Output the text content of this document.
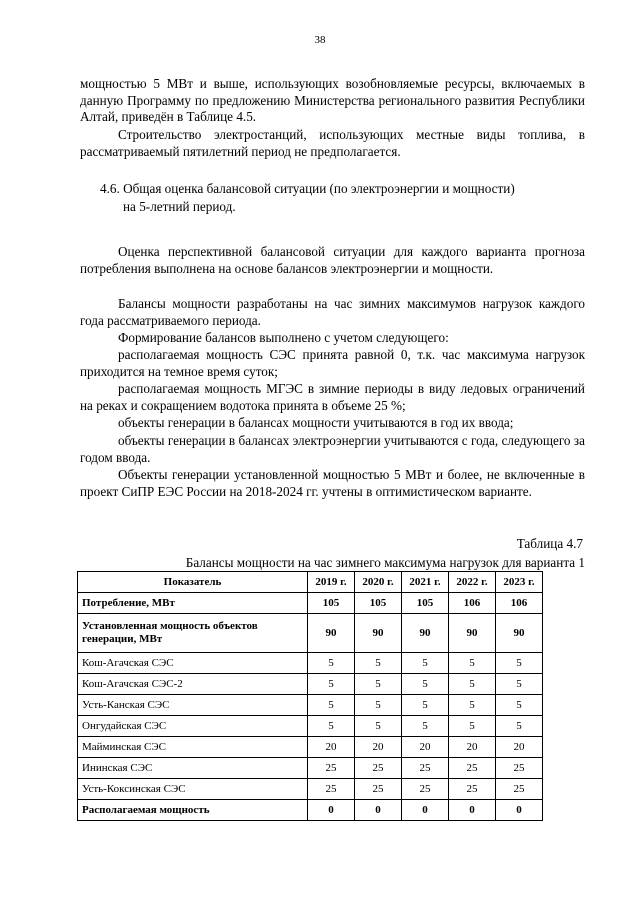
38
мощностью 5 МВт и выше, использующих возобновляемые ресурсы, включаемых в данную Программу по предложению Министерства регионального развития Республики Алтай, приведён в Таблице 4.5.
Строительство электростанций, использующих местные виды топлива, в рассматриваемый пятилетний период не предполагается.
4.6. Общая оценка балансовой ситуации (по электроэнергии и мощности)
на 5-летний период.
Оценка перспективной балансовой ситуации для каждого варианта прогноза потребления выполнена на основе балансов электроэнергии и мощности.
Балансы мощности разработаны на час зимних максимумов нагрузок каждого года рассматриваемого периода.
Формирование балансов выполнено с учетом следующего:
располагаемая мощность СЭС принята равной 0, т.к. час максимума нагрузок приходится на темное время суток;
располагаемая мощность МГЭС в зимние периоды в виду ледовых ограничений на реках и сокращением водотока принята в объеме 25 %;
объекты генерации в балансах мощности учитываются в год их ввода;
объекты генерации в балансах электроэнергии учитываются с года, следующего за годом ввода.
Объекты генерации установленной мощностью 5 МВт и более, не включенные в проект СиПР ЕЭС России на 2018-2024 гг. учтены в оптимистическом варианте.
Таблица 4.7
Балансы мощности на час зимнего максимума нагрузок для варианта 1
Показатель	2019 г.	2020 г.	2021 г.	2022 г.	2023 г.
Потребление, МВт	105	105	105	106	106
Установленная мощность объектов генерации, МВт	90	90	90	90	90
Кош-Агачская СЭС	5	5	5	5	5
Кош-Агачская СЭС-2	5	5	5	5	5
Усть-Канская СЭС	5	5	5	5	5
Онгудайская СЭС	5	5	5	5	5
Майминская СЭС	20	20	20	20	20
Ининская СЭС	25	25	25	25	25
Усть-Коксинская СЭС	25	25	25	25	25
Располагаемая мощность	0	0	0	0	0
